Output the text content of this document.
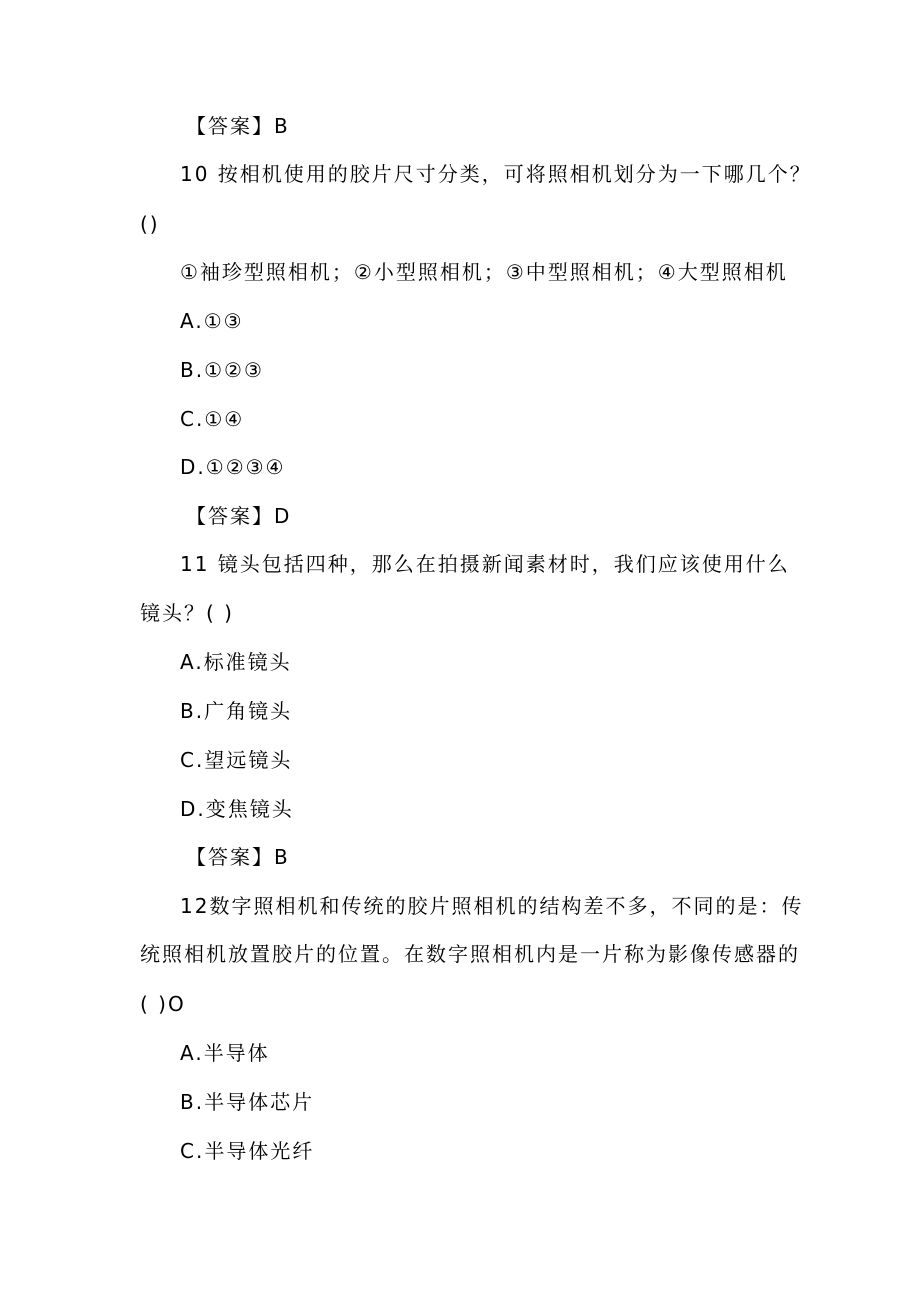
【答案】B
10 按相机使用的胶片尺寸分类，可将照相机划分为一下哪几个？
()
①袖珍型照相机；②小型照相机；③中型照相机；④大型照相机
A.①③
B.①②③
C.①④
D.①②③④
【答案】D
11 镜头包括四种，那么在拍摄新闻素材时，我们应该使用什么
镜头？( )
A.标准镜头
B.广角镜头
C.望远镜头
D.变焦镜头
【答案】B
12数字照相机和传统的胶片照相机的结构差不多，不同的是：传
统照相机放置胶片的位置。在数字照相机内是一片称为影像传感器的
( )O
A.半导体
B.半导体芯片
C.半导体光纤
